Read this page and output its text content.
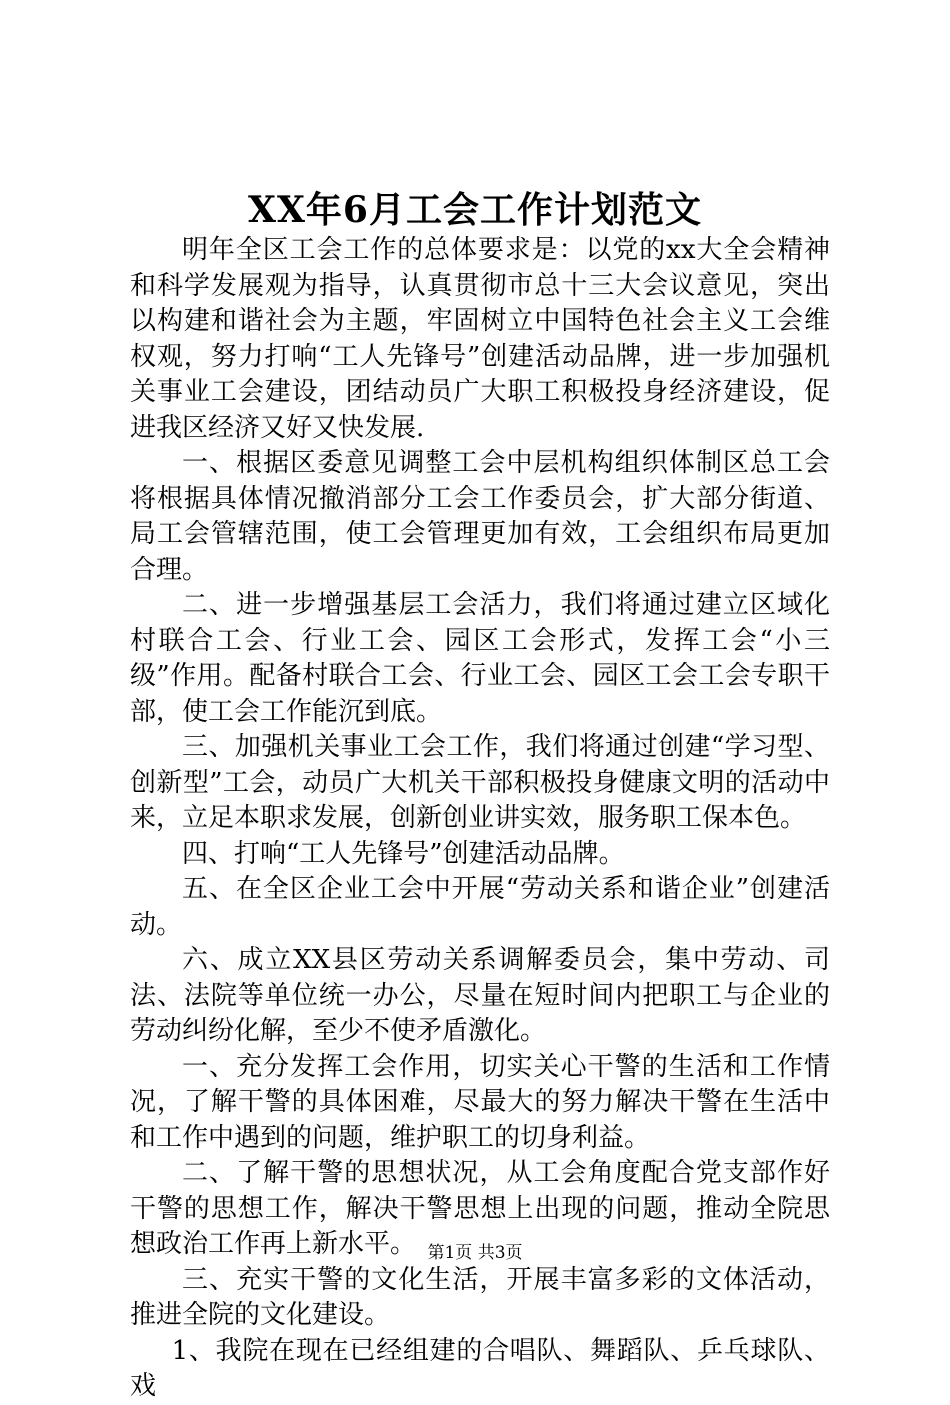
XX年6月工会工作计划范文

明年全区工会工作的总体要求是：以党的xx大全会精神和科学发展观为指导，认真贯彻市总十三大会议意见，突出以构建和谐社会为主题，牢固树立中国特色社会主义工会维权观，努力打响“工人先锋号”创建活动品牌，进一步加强机关事业工会建设，团结动员广大职工积极投身经济建设，促进我区经济又好又快发展.

一、根据区委意见调整工会中层机构组织体制区总工会将根据具体情况撤消部分工会工作委员会，扩大部分街道、局工会管辖范围，使工会管理更加有效，工会组织布局更加合理。

二、进一步增强基层工会活力，我们将通过建立区域化村联合工会、行业工会、园区工会形式，发挥工会“小三级”作用。配备村联合工会、行业工会、园区工会工会专职干部，使工会工作能沉到底。

三、加强机关事业工会工作，我们将通过创建“学习型、创新型”工会，动员广大机关干部积极投身健康文明的活动中来，立足本职求发展，创新创业讲实效，服务职工保本色。

四、打响“工人先锋号”创建活动品牌。

五、在全区企业工会中开展“劳动关系和谐企业”创建活动。

六、成立XX县区劳动关系调解委员会，集中劳动、司法、法院等单位统一办公，尽量在短时间内把职工与企业的劳动纠纷化解，至少不使矛盾激化。

一、充分发挥工会作用，切实关心干警的生活和工作情况，了解干警的具体困难，尽最大的努力解决干警在生活中和工作中遇到的问题，维护职工的切身利益。

二、了解干警的思想状况，从工会角度配合党支部作好干警的思想工作，解决干警思想上出现的问题，推动全院思想政治工作再上新水平。

三、充实干警的文化生活，开展丰富多彩的文体活动，推进全院的文化建设。

1、我院在现在已经组建的合唱队、舞蹈队、乒乓球队、戏

第1页 共3页
